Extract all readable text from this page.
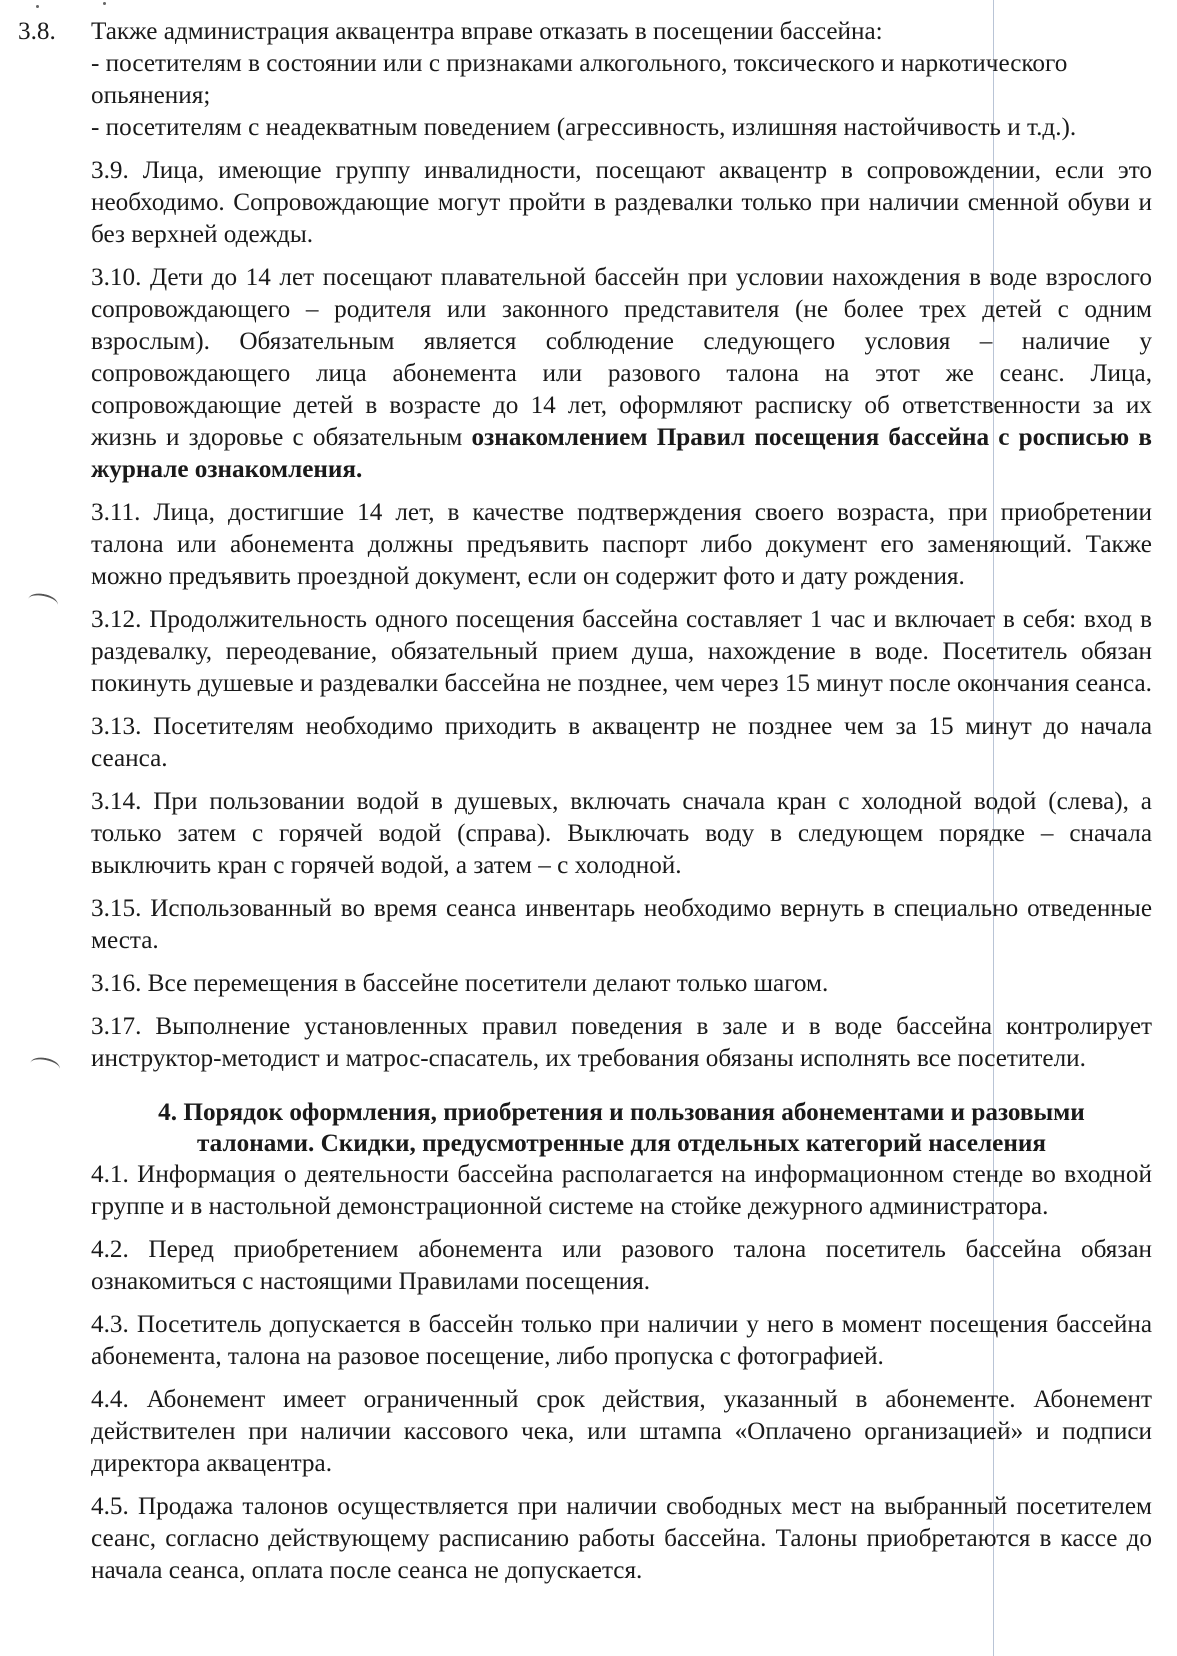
3.8. Также администрация аквацентра вправе отказать в посещении бассейна:
- посетителям в состоянии или с признаками алкогольного, токсического и наркотического опьянения;
- посетителям с неадекватным поведением (агрессивность, излишняя настойчивость и т.д.).

3.9. Лица, имеющие группу инвалидности, посещают аквацентр в сопровождении, если это необходимо. Сопровождающие могут пройти в раздевалки только при наличии сменной обуви и без верхней одежды.

3.10. Дети до 14 лет посещают плавательной бассейн при условии нахождения в воде взрослого сопровождающего – родителя или законного представителя (не более трех детей с одним взрослым). Обязательным является соблюдение следующего условия – наличие у сопровождающего лица абонемента или разового талона на этот же сеанс. Лица, сопровождающие детей в возрасте до 14 лет, оформляют расписку об ответственности за их жизнь и здоровье с обязательным ознакомлением Правил посещения бассейна с росписью в журнале ознакомления.

3.11. Лица, достигшие 14 лет, в качестве подтверждения своего возраста, при приобретении талона или абонемента должны предъявить паспорт либо документ его заменяющий. Также можно предъявить проездной документ, если он содержит фото и дату рождения.

3.12. Продолжительность одного посещения бассейна составляет 1 час и включает в себя: вход в раздевалку, переодевание, обязательный прием душа, нахождение в воде. Посетитель обязан покинуть душевые и раздевалки бассейна не позднее, чем через 15 минут после окончания сеанса.

3.13. Посетителям необходимо приходить в аквацентр не позднее чем за 15 минут до начала сеанса.

3.14. При пользовании водой в душевых, включать сначала кран с холодной водой (слева), а только затем с горячей водой (справа). Выключать воду в следующем порядке – сначала выключить кран с горячей водой, а затем – с холодной.

3.15. Использованный во время сеанса инвентарь необходимо вернуть в специально отведенные места.

3.16. Все перемещения в бассейне посетители делают только шагом.

3.17. Выполнение установленных правил поведения в зале и в воде бассейна контролирует инструктор-методист и матрос-спасатель, их требования обязаны исполнять все посетители.

4. Порядок оформления, приобретения и пользования абонементами и разовыми
талонами. Скидки, предусмотренные для отдельных категорий населения

4.1. Информация о деятельности бассейна располагается на информационном стенде во входной группе и в настольной демонстрационной системе на стойке дежурного администратора.

4.2. Перед приобретением абонемента или разового талона посетитель бассейна обязан ознакомиться с настоящими Правилами посещения.

4.3. Посетитель допускается в бассейн только при наличии у него в момент посещения бассейна абонемента, талона на разовое посещение, либо пропуска с фотографией.

4.4. Абонемент имеет ограниченный срок действия, указанный в абонементе. Абонемент действителен при наличии кассового чека, или штампа «Оплачено организацией» и подписи директора аквацентра.

4.5. Продажа талонов осуществляется при наличии свободных мест на выбранный посетителем сеанс, согласно действующему расписанию работы бассейна. Талоны приобретаются в кассе до начала сеанса, оплата после сеанса не допускается.
